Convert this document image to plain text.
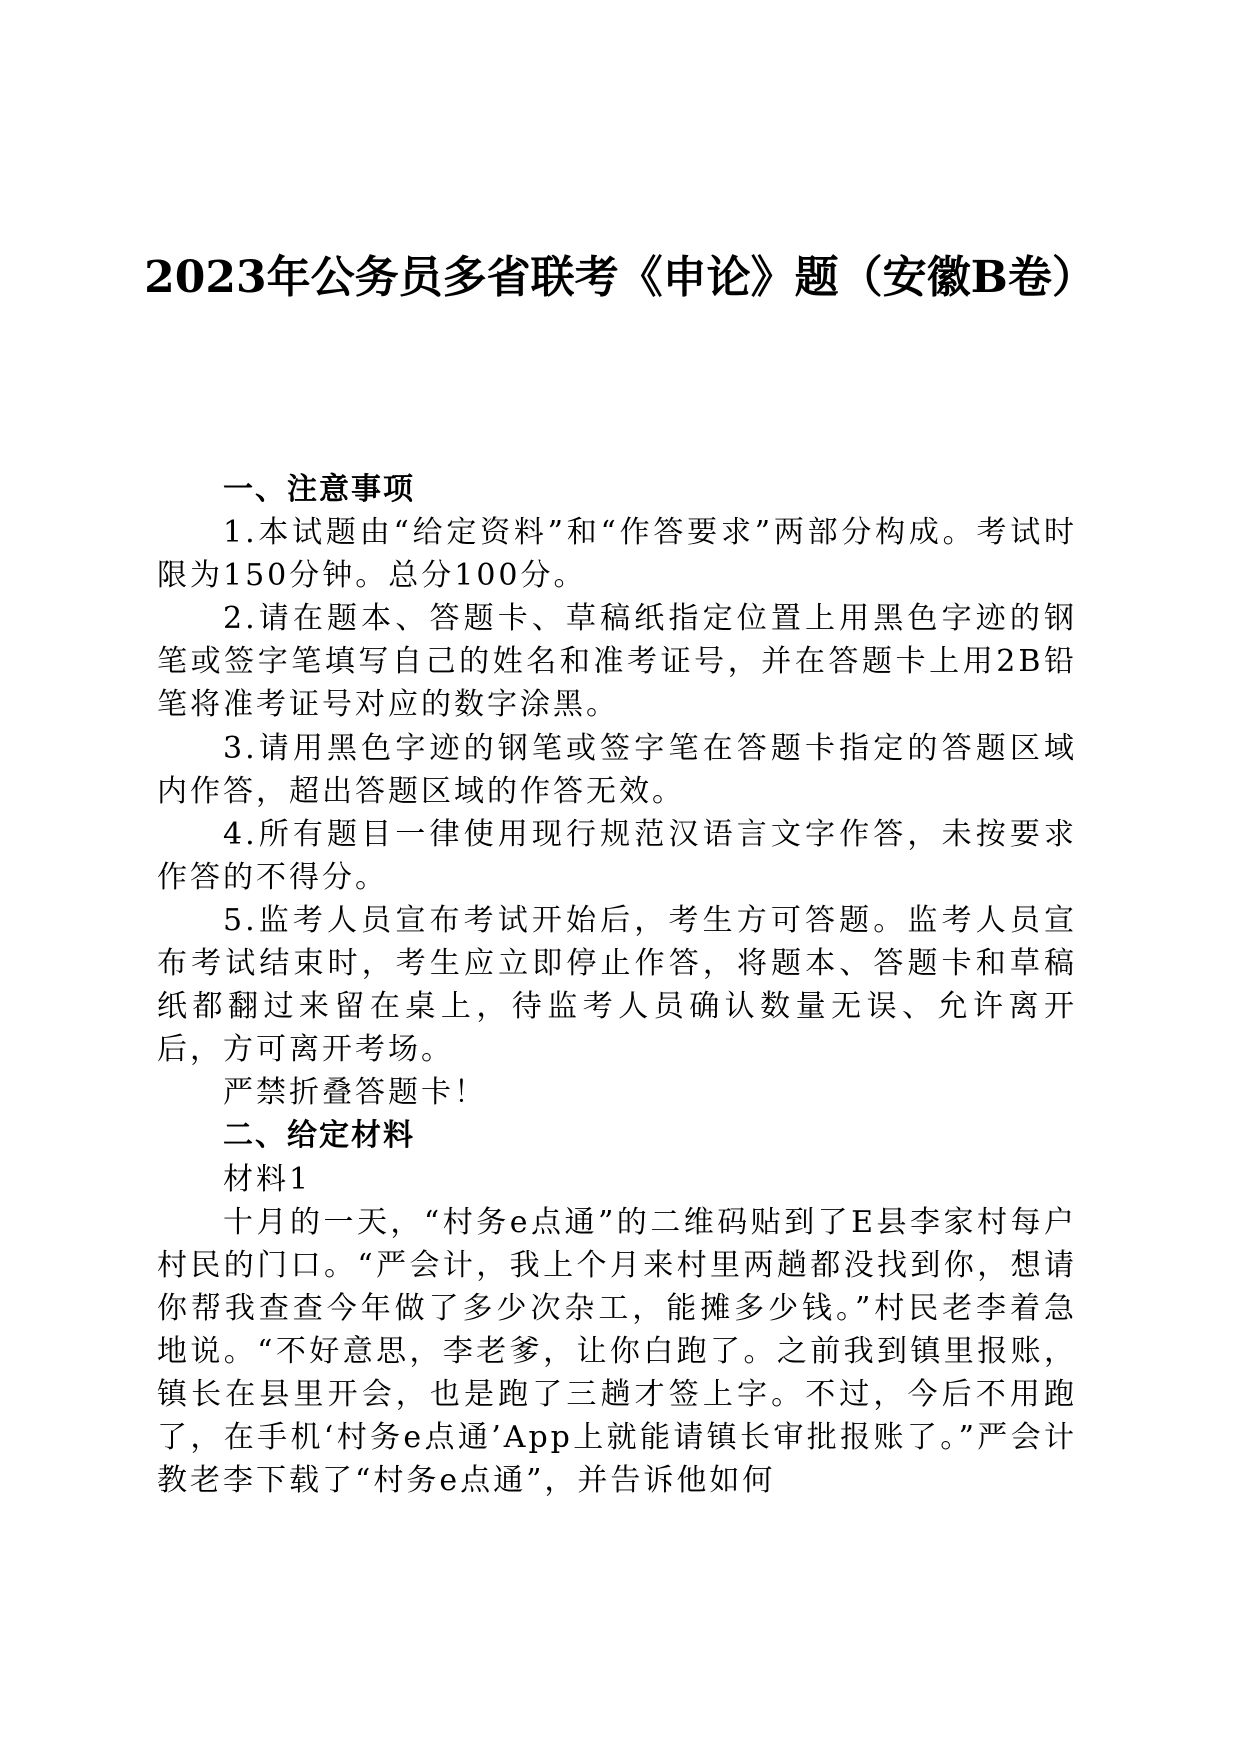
2023年公务员多省联考《申论》题（安徽B卷）

一、注意事项

1.本试题由“给定资料”和“作答要求”两部分构成。考试时限为150分钟。总分100分。

2.请在题本、答题卡、草稿纸指定位置上用黑色字迹的钢笔或签字笔填写自己的姓名和准考证号，并在答题卡上用2B铅笔将准考证号对应的数字涂黑。

3.请用黑色字迹的钢笔或签字笔在答题卡指定的答题区域内作答，超出答题区域的作答无效。

4.所有题目一律使用现行规范汉语言文字作答，未按要求作答的不得分。

5.监考人员宣布考试开始后，考生方可答题。监考人员宣布考试结束时，考生应立即停止作答，将题本、答题卡和草稿纸都翻过来留在桌上，待监考人员确认数量无误、允许离开后，方可离开考场。

严禁折叠答题卡！

二、给定材料

材料1

十月的一天，“村务e点通”的二维码贴到了E县李家村每户村民的门口。“严会计，我上个月来村里两趟都没找到你，想请你帮我查查今年做了多少次杂工，能摊多少钱。”村民老李着急地说。“不好意思，李老爹，让你白跑了。之前我到镇里报账，镇长在县里开会，也是跑了三趟才签上字。不过，今后不用跑了，在手机‘村务e点通’App上就能请镇长审批报账了。”严会计教老李下载了“村务e点通”，并告诉他如何
